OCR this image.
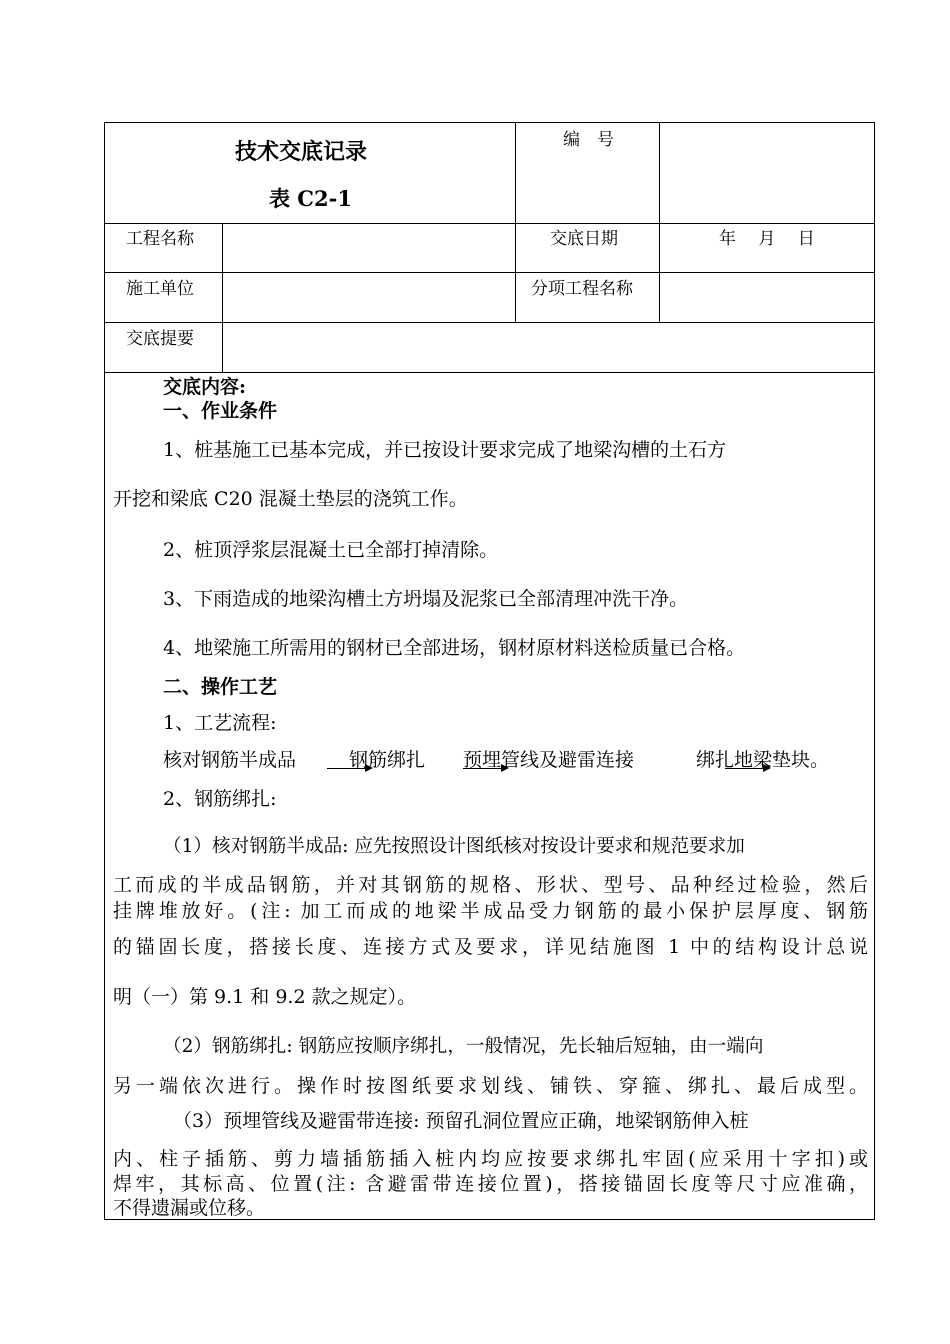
技术交底记录
表 C2-1
编　号
工程名称	交底日期	年　 月　 日
施工单位	分项工程名称
交底提要
交底内容:
一、作业条件
1、桩基施工已基本完成，并已按设计要求完成了地梁沟槽的土石方
开挖和梁底 C20 混凝土垫层的浇筑工作。
2、桩顶浮浆层混凝土已全部打掉清除。
3、下雨造成的地梁沟槽土方坍塌及泥浆已全部清理冲洗干净。
4、地梁施工所需用的钢材已全部进场，钢材原材料送检质量已合格。
二、操作工艺
1、工艺流程:
核对钢筋半成品	钢筋绑扎 预埋管线及避雷连接	绑扎地梁垫块。
2、钢筋绑扎:
（1）核对钢筋半成品: 应先按照设计图纸核对按设计要求和规范要求加
工而成的半成品钢筋，并对其钢筋的规格、形状、型号、品种经过检验，然后
挂牌堆放好。(注: 加工而成的地梁半成品受力钢筋的最小保护层厚度、钢筋
的锚固长度，搭接长度、连接方式及要求，详见结施图 1 中的结构设计总说
明（一）第 9.1 和 9.2 款之规定）。
（2）钢筋绑扎: 钢筋应按顺序绑扎，一般情况，先长轴后短轴，由一端向
另一端依次进行。操作时按图纸要求划线、铺铁、穿箍、绑扎、最后成型。
（3）预埋管线及避雷带连接: 预留孔洞位置应正确，地梁钢筋伸入桩
内、柱子插筋、剪力墙插筋插入桩内均应按要求绑扎牢固(应采用十字扣)或
焊牢，其标高、位置(注: 含避雷带连接位置)，搭接锚固长度等尺寸应准确，
不得遗漏或位移。
